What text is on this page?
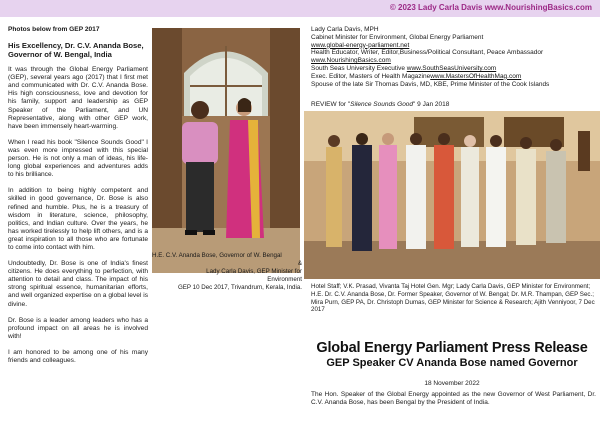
© 2023 Lady Carla Davis www.NourishingBasics.com
Photos below from GEP 2017
His Excellency, Dr. C.V. Ananda Bose,
Governor of W. Bengal, India

It was through the Global Energy Parliament (GEP), several years ago (2017) that I first met and communicated with Dr. C.V. Ananda Bose. His high consciousness, love and devotion for his family, support and leadership as GEP Speaker of the Parliament, and UN Representative, along with other GEP work, have been immensely heart-warming.

When I read his book "Silence Sounds Good" I was even more impressed with this special person. He is not only a man of ideas, his life-long global experiences and adventures adds to his brilliance.

In addition to being highly competent and skilled in good governance, Dr. Bose is also refined and humble. Plus, he is a treasury of wisdom in literature, science, philosophy, politics, and Indian culture. Over the years, he has worked tirelessly to help lift others, and is a great inspiration to all those who are fortunate to come into contact with him.

Undoubtedly, Dr. Bose is one of India's finest citizens. He does everything to perfection, with attention to detail and class. The impact of his strong spiritual essence, humanitarian efforts, and well organized expertise on a global level is divine.

Dr. Bose is a leader among leaders who has a profound impact on all areas he is involved with!

I am honored to be among one of his many friends and colleagues.

H.E. C.V. Ananda Bose, Governor of W. Bengal
&
Lady Carla Davis, GEP Minister for
Environment
GEP 10 Dec 2017, Trivandrum, Kerala, India.
Lady Carla Davis, MPH
Cabinet Minister for Environment, Global Energy Parliament
www.global-energy-parliament.net
Health Educator, Writer, Editor,Business/Political Consultant, Peace Ambassador
www.NourishingBasics.com
South Seas University Executive www.SouthSeasUniversity.com
Exec. Editor, Masters of Health Magazinewww.MastersOfHealthMag.com
Spouse of the late Sir Thomas Davis, MD, KBE, Prime Minister of the Cook Islands
REVIEW for "Silence Sounds Good" 9 Jan 2018
Hotel Staff; V.K. Prasad, Vivanta Taj Hotel Gen. Mgr; Lady Carla Davis, GEP Minister for Environment; H.E. Dr. C.V. Ananda Bose, Dr. Former Speaker, Governor of W. Bengal; Dr. M.R. Thampan, GEP Sec.; Mira Purn, GEP PA, Dr. Christoph Dumas, GEP Minister for Science & Research; Ajith Venniyoor, 7 Dec 2017
Global Energy Parliament Press Release
GEP Speaker CV Ananda Bose named Governor
18 November 2022
The Hon. Speaker of the Global Energy appointed as the new Governor of West Parliament, Dr. C.V. Ananda Bose, has been Bengal by the President of India.
